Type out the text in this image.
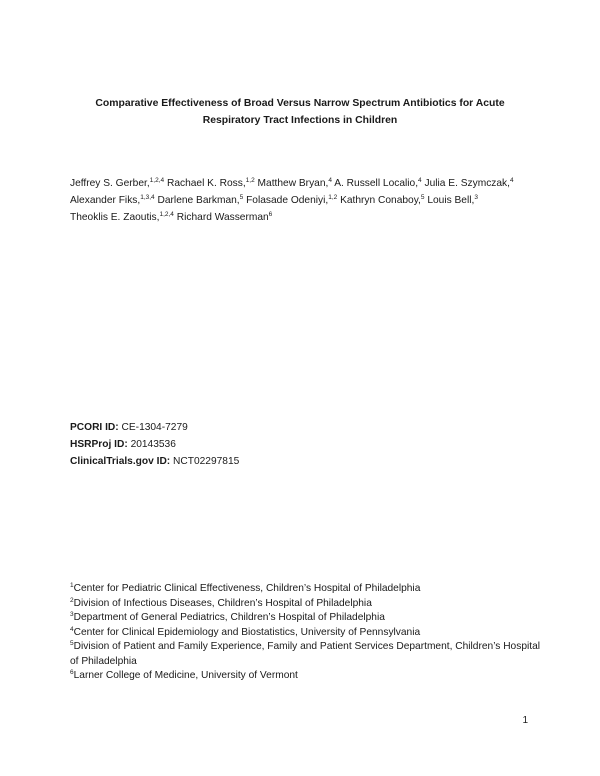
Comparative Effectiveness of Broad Versus Narrow Spectrum Antibiotics for Acute
Respiratory Tract Infections in Children
Jeffrey S. Gerber,$^{1,2,4}$ Rachael K. Ross,$^{1,2}$ Matthew Bryan,$^4$ A. Russell Localio,$^4$ Julia E. Szymczak,$^4$
Alexander Fiks,$^{1,3,4}$ Darlene Barkman,$^5$ Folasade Odeniyi,$^{1,2}$ Kathryn Conaboy,$^5$ Louis Bell,$^3$
Theoklis E. Zaoutis,$^{1,2,4}$ Richard Wasserman$^6$
PCORI ID: CE-1304-7279
HSRProj ID: 20143536
ClinicalTrials.gov ID: NCT02297815
$^1$Center for Pediatric Clinical Effectiveness, Children’s Hospital of Philadelphia
$^2$Division of Infectious Diseases, Children’s Hospital of Philadelphia
$^3$Department of General Pediatrics, Children’s Hospital of Philadelphia
$^4$Center for Clinical Epidemiology and Biostatistics, University of Pennsylvania
$^5$Division of Patient and Family Experience, Family and Patient Services Department, Children’s Hospital of Philadelphia
$^6$Larner College of Medicine, University of Vermont
1
